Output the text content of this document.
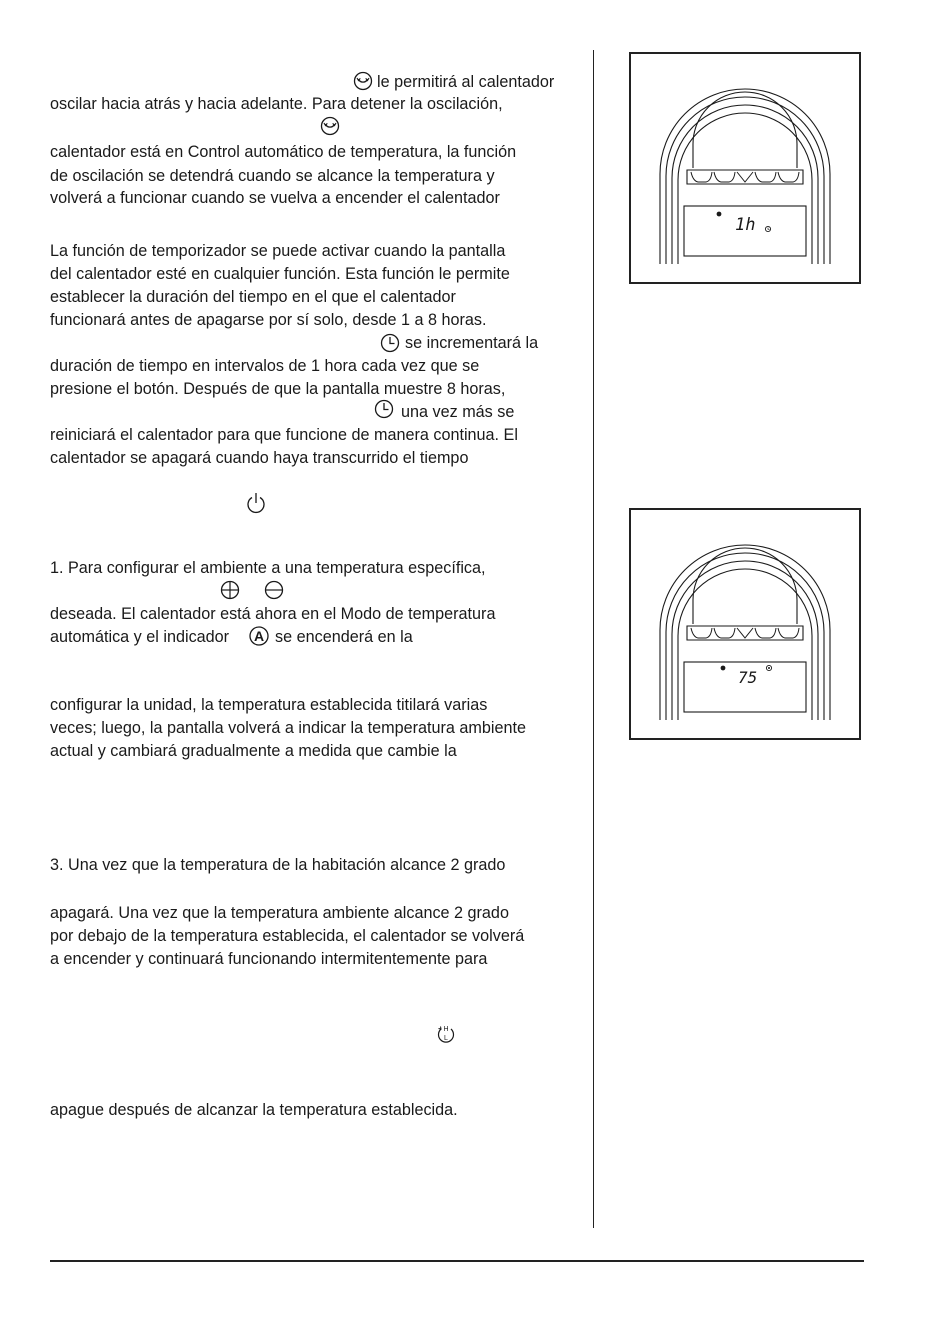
le permitirá al calentador
oscilar hacia atrás y hacia adelante. Para detener la oscilación,
calentador está en Control automático de temperatura, la función
de oscilación se detendrá cuando se alcance la temperatura y
volverá a funcionar cuando se vuelva a encender el calentador
La función de temporizador se puede activar cuando la pantalla
del calentador esté en cualquier función. Esta función le permite
establecer la duración del tiempo en el que el calentador
funcionará antes de apagarse por sí solo, desde 1 a 8 horas.
se incrementará la
duración de tiempo en intervalos de 1 hora cada vez que se
presione el botón. Después de que la pantalla muestre 8 horas,
una vez más se
reiniciará el calentador para que funcione de manera continua. El
calentador se apagará cuando haya transcurrido el tiempo
1. Para configurar el ambiente a una temperatura específica,
deseada. El calentador está ahora en el Modo de temperatura
automática y el indicador	se encenderá en la
configurar la unidad, la temperatura establecida titilará varias
veces; luego, la pantalla volverá a indicar la temperatura ambiente
actual y cambiará gradualmente a medida que cambie la
3. Una vez que la temperatura de la habitación alcance 2 grado
apagará. Una vez que la temperatura ambiente alcance 2 grado
por debajo de la temperatura establecida, el calentador se volverá
a encender y continuará funcionando intermitentemente para
apague después de alcanzar la temperatura establecida.
A
H
L
1h
75
